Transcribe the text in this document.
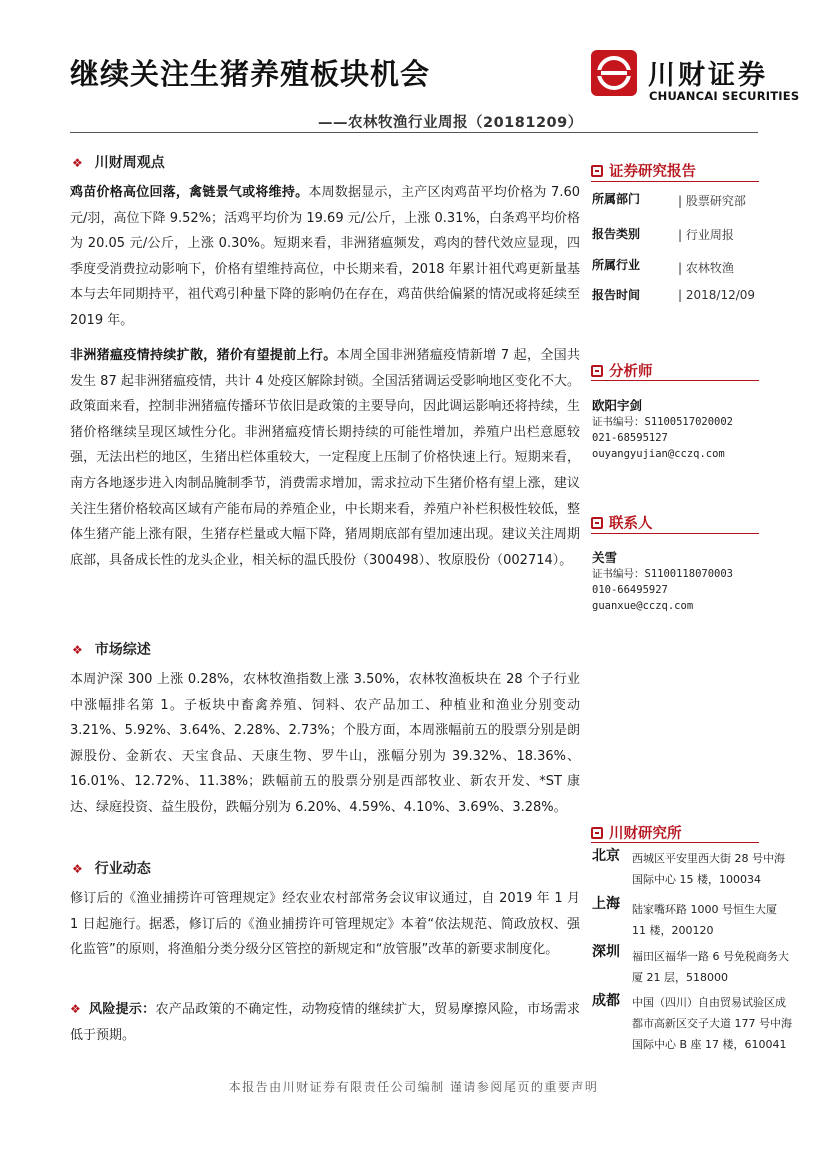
继续关注生猪养殖板块机会
——农林牧渔行业周报（20181209）
川财证券
CHUANCAI SECURITIES
❖ 川财周观点
鸡苗价格高位回落，禽链景气或将维持。本周数据显示，主产区肉鸡苗平均价格为 7.60 元/羽，高位下降 9.52%；活鸡平均价为 19.69 元/公斤，上涨 0.31%，白条鸡平均价格为 20.05 元/公斤，上涨 0.30%。短期来看，非洲猪瘟频发，鸡肉的替代效应显现，四季度受消费拉动影响下，价格有望维持高位，中长期来看，2018 年累计祖代鸡更新量基本与去年同期持平，祖代鸡引种量下降的影响仍在存在，鸡苗供给偏紧的情况或将延续至 2019 年。
非洲猪瘟疫情持续扩散，猪价有望提前上行。本周全国非洲猪瘟疫情新增 7 起，全国共发生 87 起非洲猪瘟疫情，共计 4 处疫区解除封锁。全国活猪调运受影响地区变化不大。政策面来看，控制非洲猪瘟传播环节依旧是政策的主要导向，因此调运影响还将持续，生猪价格继续呈现区域性分化。非洲猪瘟疫情长期持续的可能性增加，养殖户出栏意愿较强，无法出栏的地区，生猪出栏体重较大，一定程度上压制了价格快速上行。短期来看，南方各地逐步进入肉制品腌制季节，消费需求增加，需求拉动下生猪价格有望上涨，建议关注生猪价格较高区域有产能布局的养殖企业，中长期来看，养殖户补栏积极性较低，整体生猪产能上涨有限，生猪存栏量或大幅下降，猪周期底部有望加速出现。建议关注周期底部，具备成长性的龙头企业，相关标的温氏股份（300498）、牧原股份（002714）。
❖ 市场综述
本周沪深 300 上涨 0.28%，农林牧渔指数上涨 3.50%，农林牧渔板块在 28 个子行业中涨幅排名第 1。子板块中畜禽养殖、饲料、农产品加工、种植业和渔业分别变动 3.21%、5.92%、3.64%、2.28%、2.73%；个股方面，本周涨幅前五的股票分别是朗源股份、金新农、天宝食品、天康生物、罗牛山，涨幅分别为 39.32%、18.36%、16.01%、12.72%、11.38%；跌幅前五的股票分别是西部牧业、新农开发、*ST 康达、绿庭投资、益生股份，跌幅分别为 6.20%、4.59%、4.10%、3.69%、3.28%。
❖ 行业动态
修订后的《渔业捕捞许可管理规定》经农业农村部常务会议审议通过，自 2019 年 1 月 1 日起施行。据悉，修订后的《渔业捕捞许可管理规定》本着“依法规范、简政放权、强化监管”的原则，将渔船分类分级分区管控的新规定和“放管服”改革的新要求制度化。
❖ 风险提示：农产品政策的不确定性，动物疫情的继续扩大，贸易摩擦风险，市场需求低于预期。
证券研究报告
所属部门	| 股票研究部
报告类别	| 行业周报
所属行业	| 农林牧渔
报告时间	| 2018/12/09
分析师
欧阳宇剑
证书编号：S1100517020002
021-68595127
ouyangyujian@cczq.com
联系人
关雪
证书编号：S1100118070003
010-66495927
guanxue@cczq.com
川财研究所
北京 西城区平安里西大街 28 号中海国际中心 15 楼，100034
上海 陆家嘴环路 1000 号恒生大厦 11 楼，200120
深圳 福田区福华一路 6 号免税商务大厦 21 层，518000
成都 中国（四川）自由贸易试验区成都市高新区交子大道 177 号中海国际中心 B 座 17 楼，610041
本报告由川财证券有限责任公司编制 谨请参阅尾页的重要声明
